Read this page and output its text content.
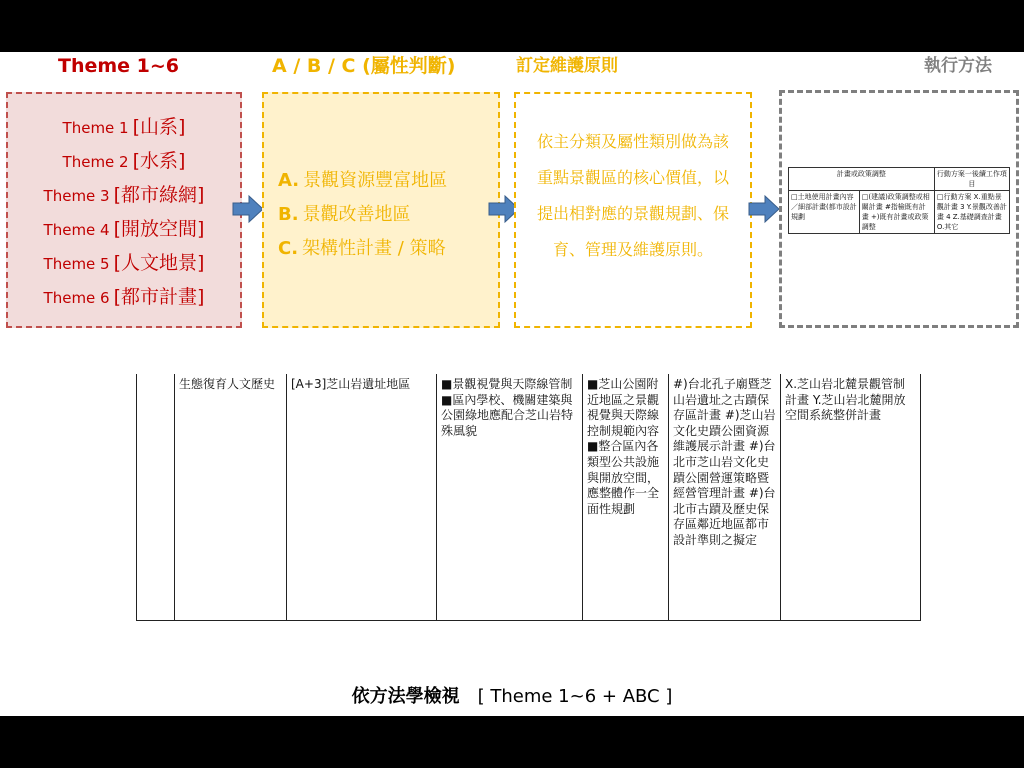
Theme 1~6	A / B / C (屬性判斷)	訂定維護原則	執行方法
Theme 1 [山系]
Theme 2 [水系]
Theme 3 [都市綠網]
Theme 4 [開放空間]
Theme 5 [人文地景]
Theme 6 [都市計畫]
A. 景觀資源豐富地區
B. 景觀改善地區
C. 架構性計畫 / 策略
依主分類及屬性類別做為該重點景觀區的核心價值，以提出相對應的景觀規劃、保育、管理及維護原則。
計畫或政策調整		行動方案一後續工作項目
□土地使用計畫內容／細部計畫(都市設計規劃	□(建議)政策調整或相關計畫 #指檢既有計畫 +)既有計畫或政策調整	□行動方案 X.重點景觀計畫 3 Y.景觀改善計畫 4 Z.基礎調查計畫 O.其它
	生態復育人文歷史	[A+3]芝山岩遺址地區	■景觀視覺與天際線管制 ■區內學校、機關建築與公園綠地應配合芝山岩特殊風貌	■芝山公園附近地區之景觀視覺與天際線控制規範內容 ■整合區內各類型公共設施與開放空間，應整體作一全面性規劃	#)台北孔子廟暨芝山岩遺址之古蹟保存區計畫 #)芝山岩文化史蹟公園資源維護展示計畫 #)台北市芝山岩文化史蹟公園營運策略暨經營管理計畫 #)台北市古蹟及歷史保存區鄰近地區都市設計準則之擬定	X.芝山岩北麓景觀管制計畫 Y.芝山岩北麓開放空間系統整併計畫
依方法學檢視 [ Theme 1~6 + ABC ]
